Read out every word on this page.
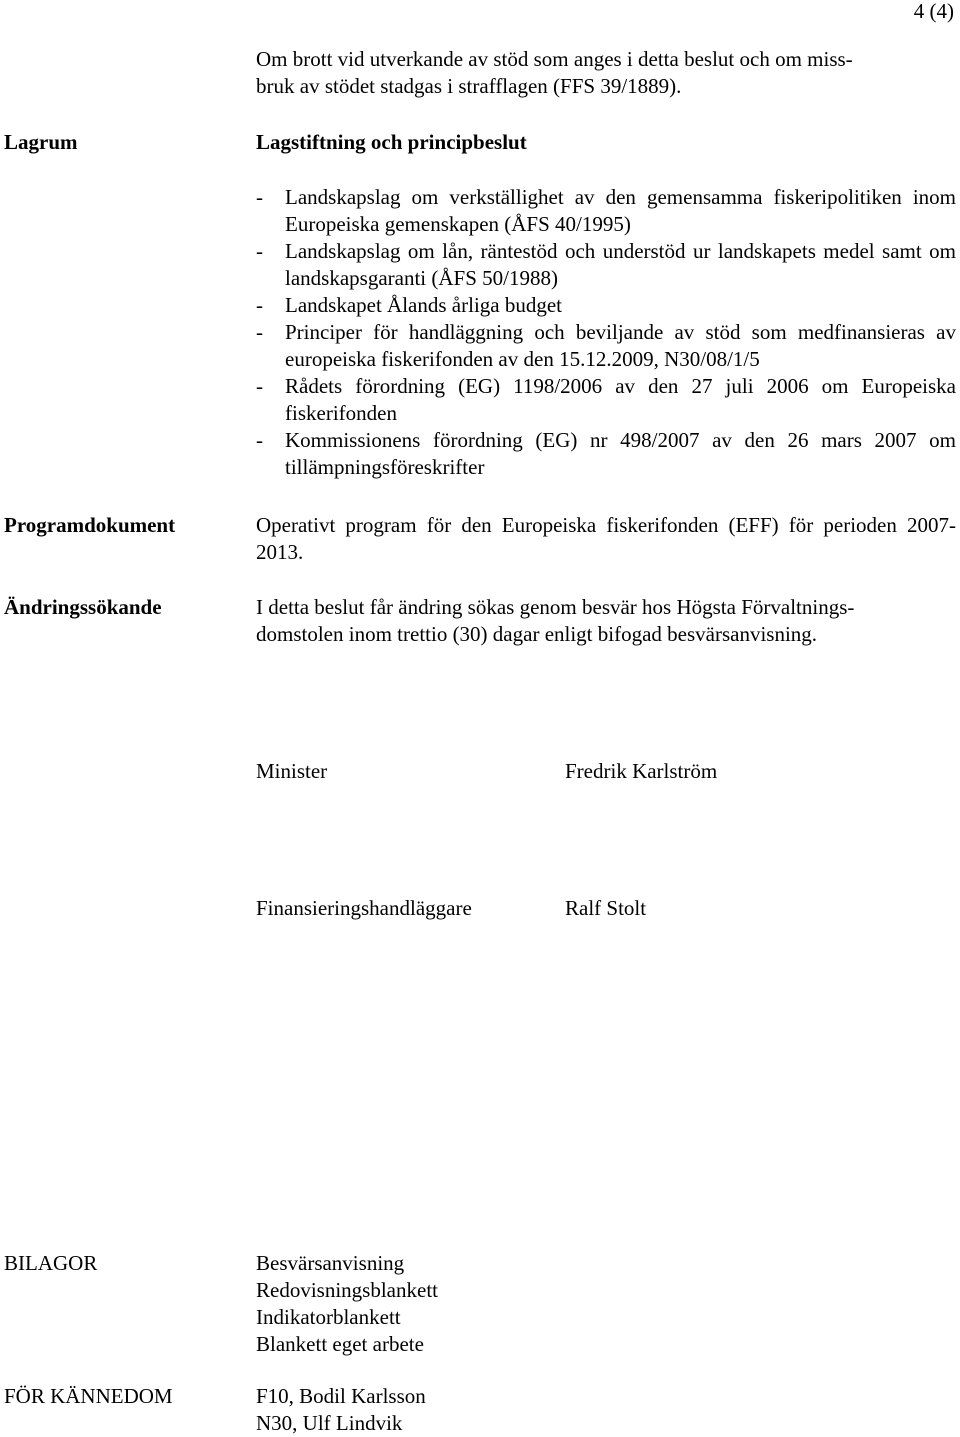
4 (4)
Om brott vid utverkande av stöd som anges i detta beslut och om miss-
bruk av stödet stadgas i strafflagen (FFS 39/1889).
Lagrum	Lagstiftning och principbeslut
- Landskapslag om verkställighet av den gemensamma fiskeripolitiken inom Europeiska gemenskapen (ÅFS 40/1995)
- Landskapslag om lån, räntestöd och understöd ur landskapets medel samt om landskapsgaranti (ÅFS 50/1988)
- Landskapet Ålands årliga budget
- Principer för handläggning och beviljande av stöd som medfinansieras av europeiska fiskerifonden av den 15.12.2009, N30/08/1/5
- Rådets förordning (EG) 1198/2006 av den 27 juli 2006 om Europeiska fiskerifonden
- Kommissionens förordning (EG) nr 498/2007 av den 26 mars 2007 om tillämpningsföreskrifter
Programdokument	Operativt program för den Europeiska fiskerifonden (EFF) för perioden 2007-2013.
Ändringssökande	I detta beslut får ändring sökas genom besvär hos Högsta Förvaltnings-
domstolen inom trettio (30) dagar enligt bifogad besvärsanvisning.
Minister	Fredrik Karlström
Finansieringshandläggare	Ralf Stolt
BILAGOR	Besvärsanvisning
Redovisningsblankett
Indikatorblankett
Blankett eget arbete
FÖR KÄNNEDOM	F10, Bodil Karlsson
N30, Ulf Lindvik
